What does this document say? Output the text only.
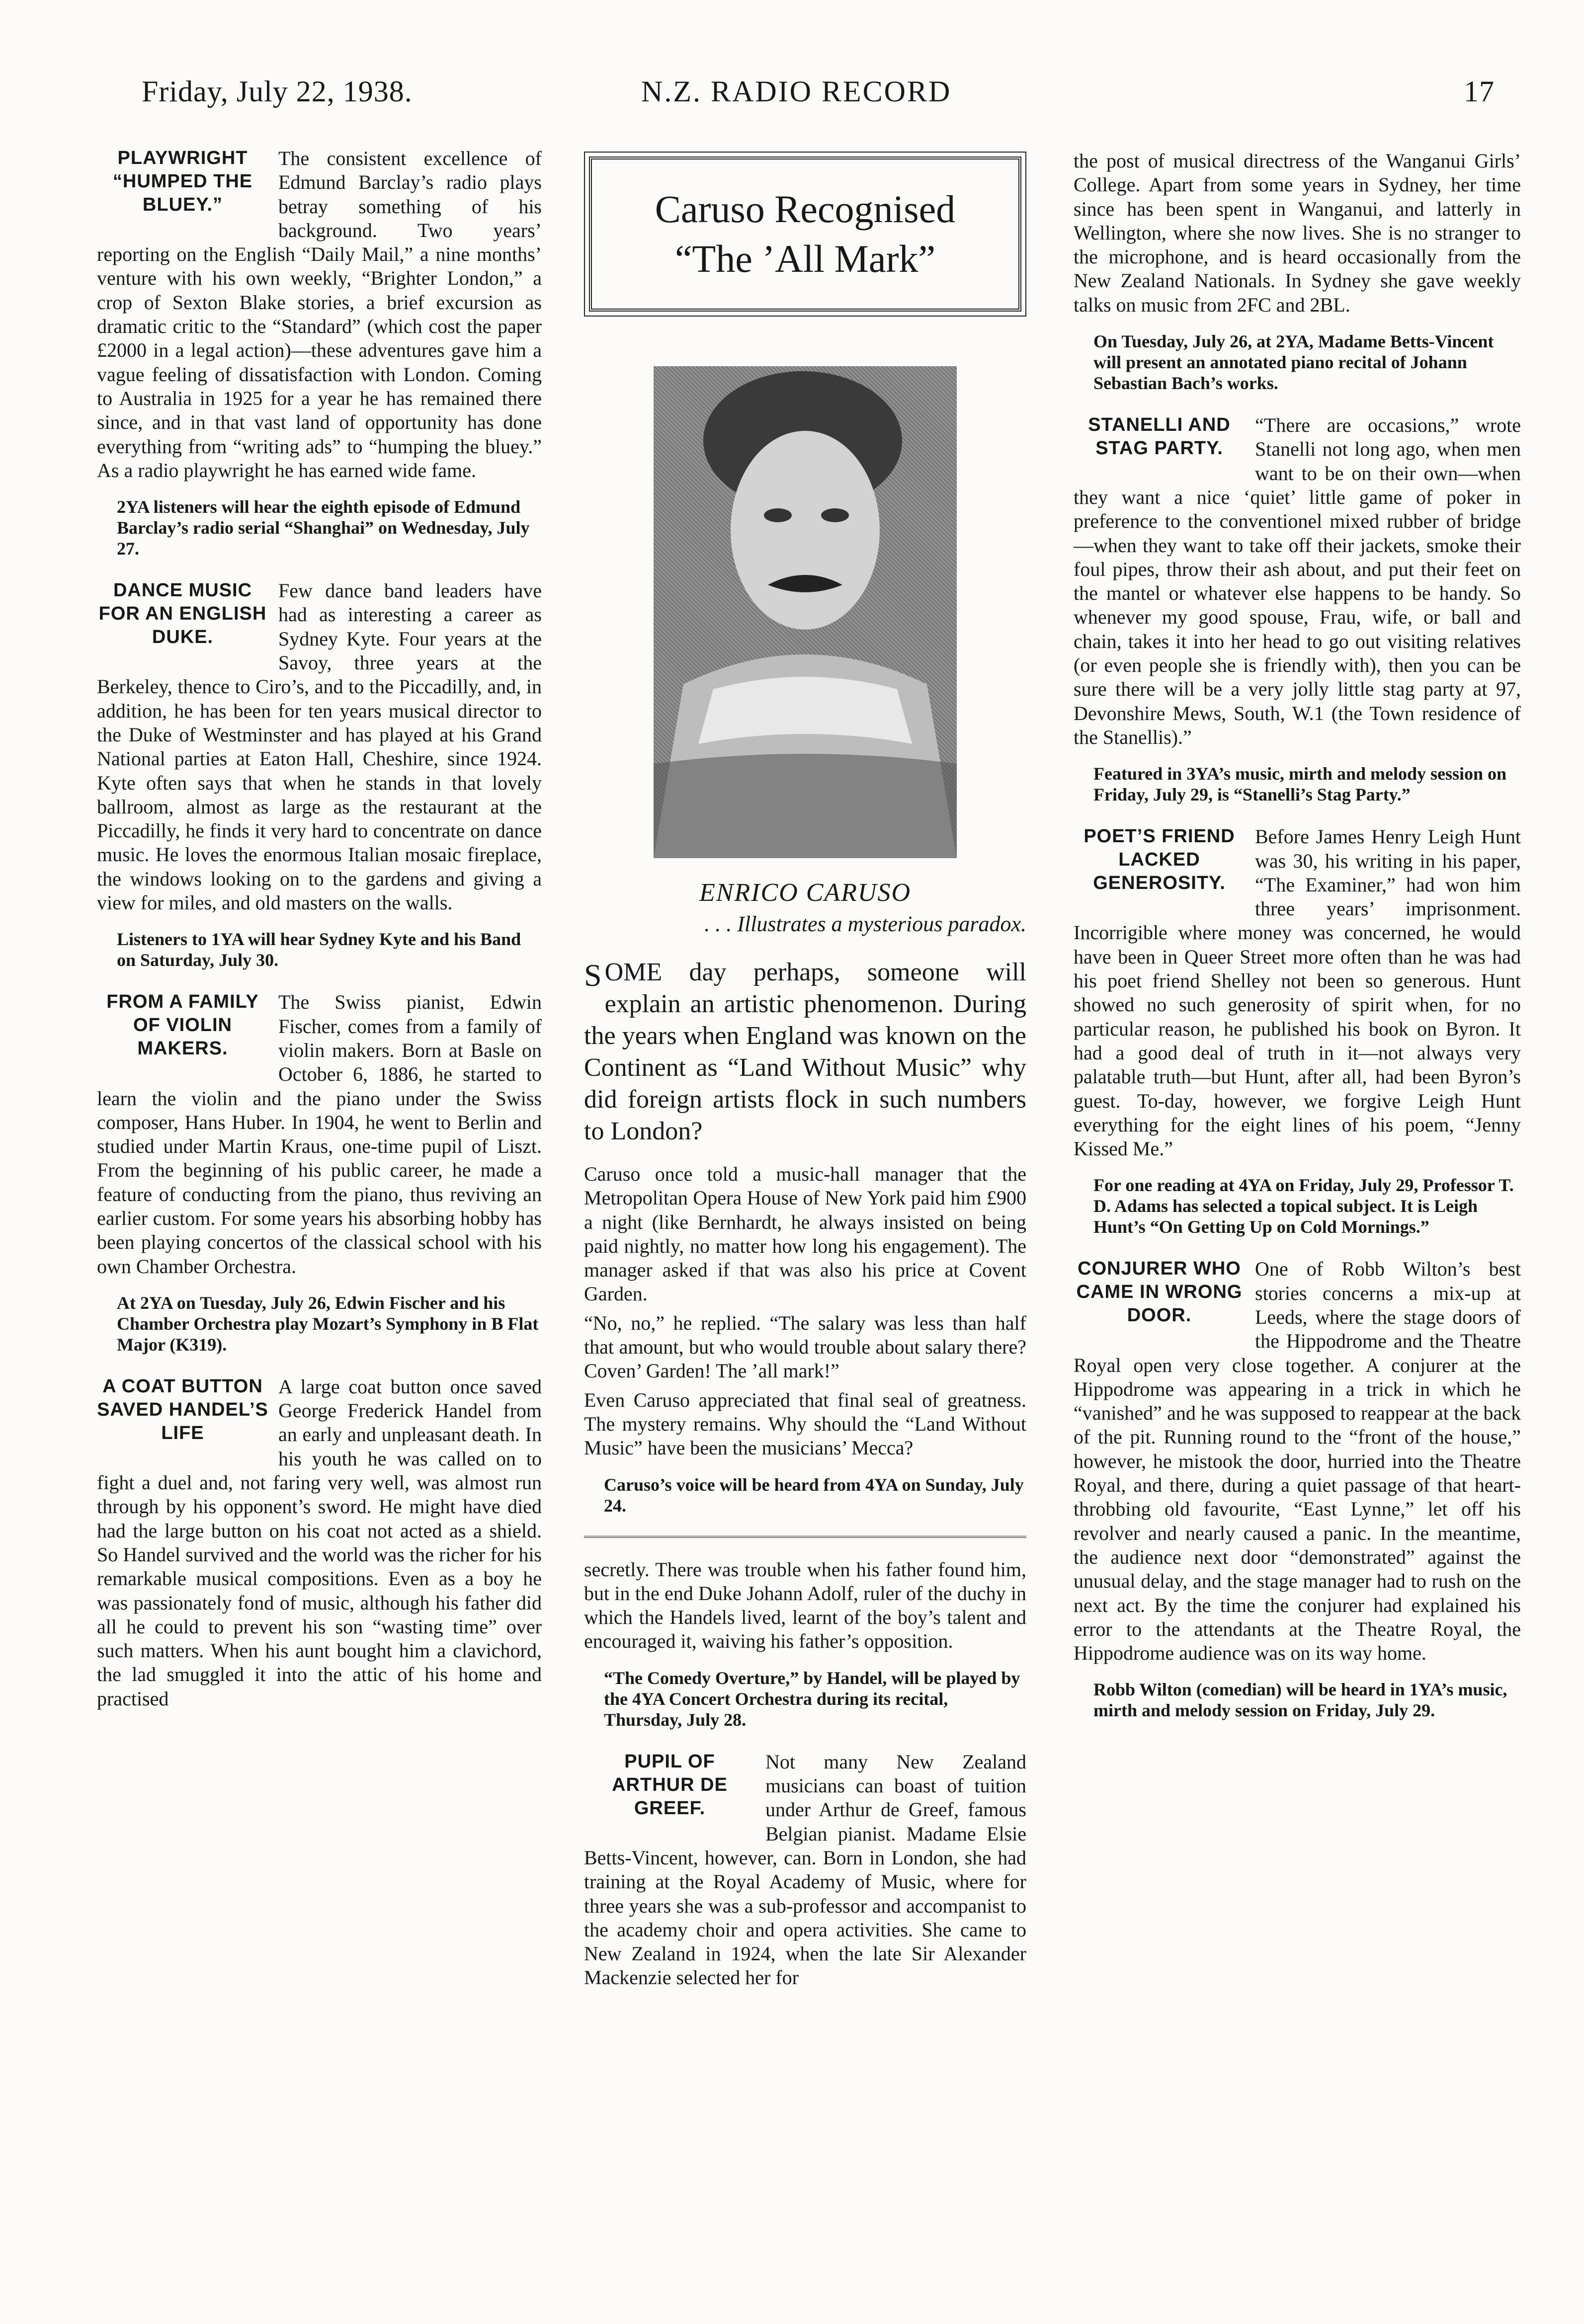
Friday, July 22, 1938.	N.Z. RADIO RECORD	17
PLAYWRIGHT “HUMPED THE BLUEY.”

The consistent excellence of Edmund Barclay’s radio plays betray something of his background. Two years’ reporting on the English “Daily Mail,” a nine months’ venture with his own weekly, “Brighter London,” a crop of Sexton Blake stories, a brief excursion as dramatic critic to the “Standard” (which cost the paper £2000 in a legal action)—these adventures gave him a vague feeling of dissatisfaction with London. Coming to Australia in 1925 for a year he has remained there since, and in that vast land of opportunity has done everything from “writing ads” to “humping the bluey.” As a radio playwright he has earned wide fame.

2YA listeners will hear the eighth episode of Edmund Barclay’s radio serial “Shanghai” on Wednesday, July 27.

DANCE MUSIC FOR AN ENGLISH DUKE.

Few dance band leaders have had as interesting a career as Sydney Kyte. Four years at the Savoy, three years at the Berkeley, thence to Ciro’s, and to the Piccadilly, and, in addition, he has been for ten years musical director to the Duke of Westminster and has played at his Grand National parties at Eaton Hall, Cheshire, since 1924. Kyte often says that when he stands in that lovely ballroom, almost as large as the restaurant at the Piccadilly, he finds it very hard to concentrate on dance music. He loves the enormous Italian mosaic fireplace, the windows looking on to the gardens and giving a view for miles, and old masters on the walls.

Listeners to 1YA will hear Sydney Kyte and his Band on Saturday, July 30.

FROM A FAMILY OF VIOLIN MAKERS.

The Swiss pianist, Edwin Fischer, comes from a family of violin makers. Born at Basle on October 6, 1886, he started to learn the violin and the piano under the Swiss composer, Hans Huber. In 1904, he went to Berlin and studied under Martin Kraus, one-time pupil of Liszt. From the beginning of his public career, he made a feature of conducting from the piano, thus reviving an earlier custom. For some years his absorbing hobby has been playing concertos of the classical school with his own Chamber Orchestra.

At 2YA on Tuesday, July 26, Edwin Fischer and his Chamber Orchestra play Mozart’s Symphony in B Flat Major (K319).

A COAT BUTTON SAVED HANDEL’S LIFE

A large coat button once saved George Frederick Handel from an early and unpleasant death. In his youth he was called on to fight a duel and, not faring very well, was almost run through by his opponent’s sword. He might have died had the large button on his coat not acted as a shield. So Handel survived and the world was the richer for his remarkable musical compositions. Even as a boy he was passionately fond of music, although his father did all he could to prevent his son “wasting time” over such matters. When his aunt bought him a clavichord, the lad smuggled it into the attic of his home and practised

Caruso Recognised
“The ’All Mark”
ENRICO CARUSO
. . . Illustrates a mysterious paradox.

S OME day perhaps, someone will explain an artistic phenomenon. During the years when England was known on the Continent as “Land Without Music” why did foreign artists flock in such numbers to London?

Caruso once told a music-hall manager that the Metropolitan Opera House of New York paid him £900 a night (like Bernhardt, he always insisted on being paid nightly, no matter how long his engagement). The manager asked if that was also his price at Covent Garden.

“No, no,” he replied. “The salary was less than half that amount, but who would trouble about salary there? Coven’ Garden! The ’all mark!”

Even Caruso appreciated that final seal of greatness. The mystery remains. Why should the “Land Without Music” have been the musicians’ Mecca?

Caruso’s voice will be heard from 4YA on Sunday, July 24.

secretly. There was trouble when his father found him, but in the end Duke Johann Adolf, ruler of the duchy in which the Handels lived, learnt of the boy’s talent and encouraged it, waiving his father’s opposition.

“The Comedy Overture,” by Handel, will be played by the 4YA Concert Orchestra during its recital, Thursday, July 28.

PUPIL OF ARTHUR DE GREEF.

Not many New Zealand musicians can boast of tuition under Arthur de Greef, famous Belgian pianist. Madame Elsie Betts-Vincent, however, can. Born in London, she had training at the Royal Academy of Music, where for three years she was a sub-professor and accompanist to the academy choir and opera activities. She came to New Zealand in 1924, when the late Sir Alexander Mackenzie selected her for

the post of musical directress of the Wanganui Girls’ College. Apart from some years in Sydney, her time since has been spent in Wanganui, and latterly in Wellington, where she now lives. She is no stranger to the microphone, and is heard occasionally from the New Zealand Nationals. In Sydney she gave weekly talks on music from 2FC and 2BL.

On Tuesday, July 26, at 2YA, Madame Betts-Vincent will present an annotated piano recital of Johann Sebastian Bach’s works.

STANELLI AND STAG PARTY.

“There are occasions,” wrote Stanelli not long ago, when men want to be on their own—when they want a nice ‘quiet’ little game of poker in preference to the conventionel mixed rubber of bridge—when they want to take off their jackets, smoke their foul pipes, throw their ash about, and put their feet on the mantel or whatever else happens to be handy. So whenever my good spouse, Frau, wife, or ball and chain, takes it into her head to go out visiting relatives (or even people she is friendly with), then you can be sure there will be a very jolly little stag party at 97, Devonshire Mews, South, W.1 (the Town residence of the Stanellis).”

Featured in 3YA’s music, mirth and melody session on Friday, July 29, is “Stanelli’s Stag Party.”

POET’S FRIEND LACKED GENEROSITY.

Before James Henry Leigh Hunt was 30, his writing in his paper, “The Examiner,” had won him three years’ imprisonment. Incorrigible where money was concerned, he would have been in Queer Street more often than he was had his poet friend Shelley not been so generous. Hunt showed no such generosity of spirit when, for no particular reason, he published his book on Byron. It had a good deal of truth in it—not always very palatable truth—but Hunt, after all, had been Byron’s guest. To-day, however, we forgive Leigh Hunt everything for the eight lines of his poem, “Jenny Kissed Me.”

For one reading at 4YA on Friday, July 29, Professor T. D. Adams has selected a topical subject. It is Leigh Hunt’s “On Getting Up on Cold Mornings.”

CONJURER WHO CAME IN WRONG DOOR.

One of Robb Wilton’s best stories concerns a mix-up at Leeds, where the stage doors of the Hippodrome and the Theatre Royal open very close together. A conjurer at the Hippodrome was appearing in a trick in which he “vanished” and he was supposed to reappear at the back of the pit. Running round to the “front of the house,” however, he mistook the door, hurried into the Theatre Royal, and there, during a quiet passage of that heart-throbbing old favourite, “East Lynne,” let off his revolver and nearly caused a panic. In the meantime, the audience next door “demonstrated” against the unusual delay, and the stage manager had to rush on the next act. By the time the conjurer had explained his error to the attendants at the Theatre Royal, the Hippodrome audience was on its way home.

Robb Wilton (comedian) will be heard in 1YA’s music, mirth and melody session on Friday, July 29.
